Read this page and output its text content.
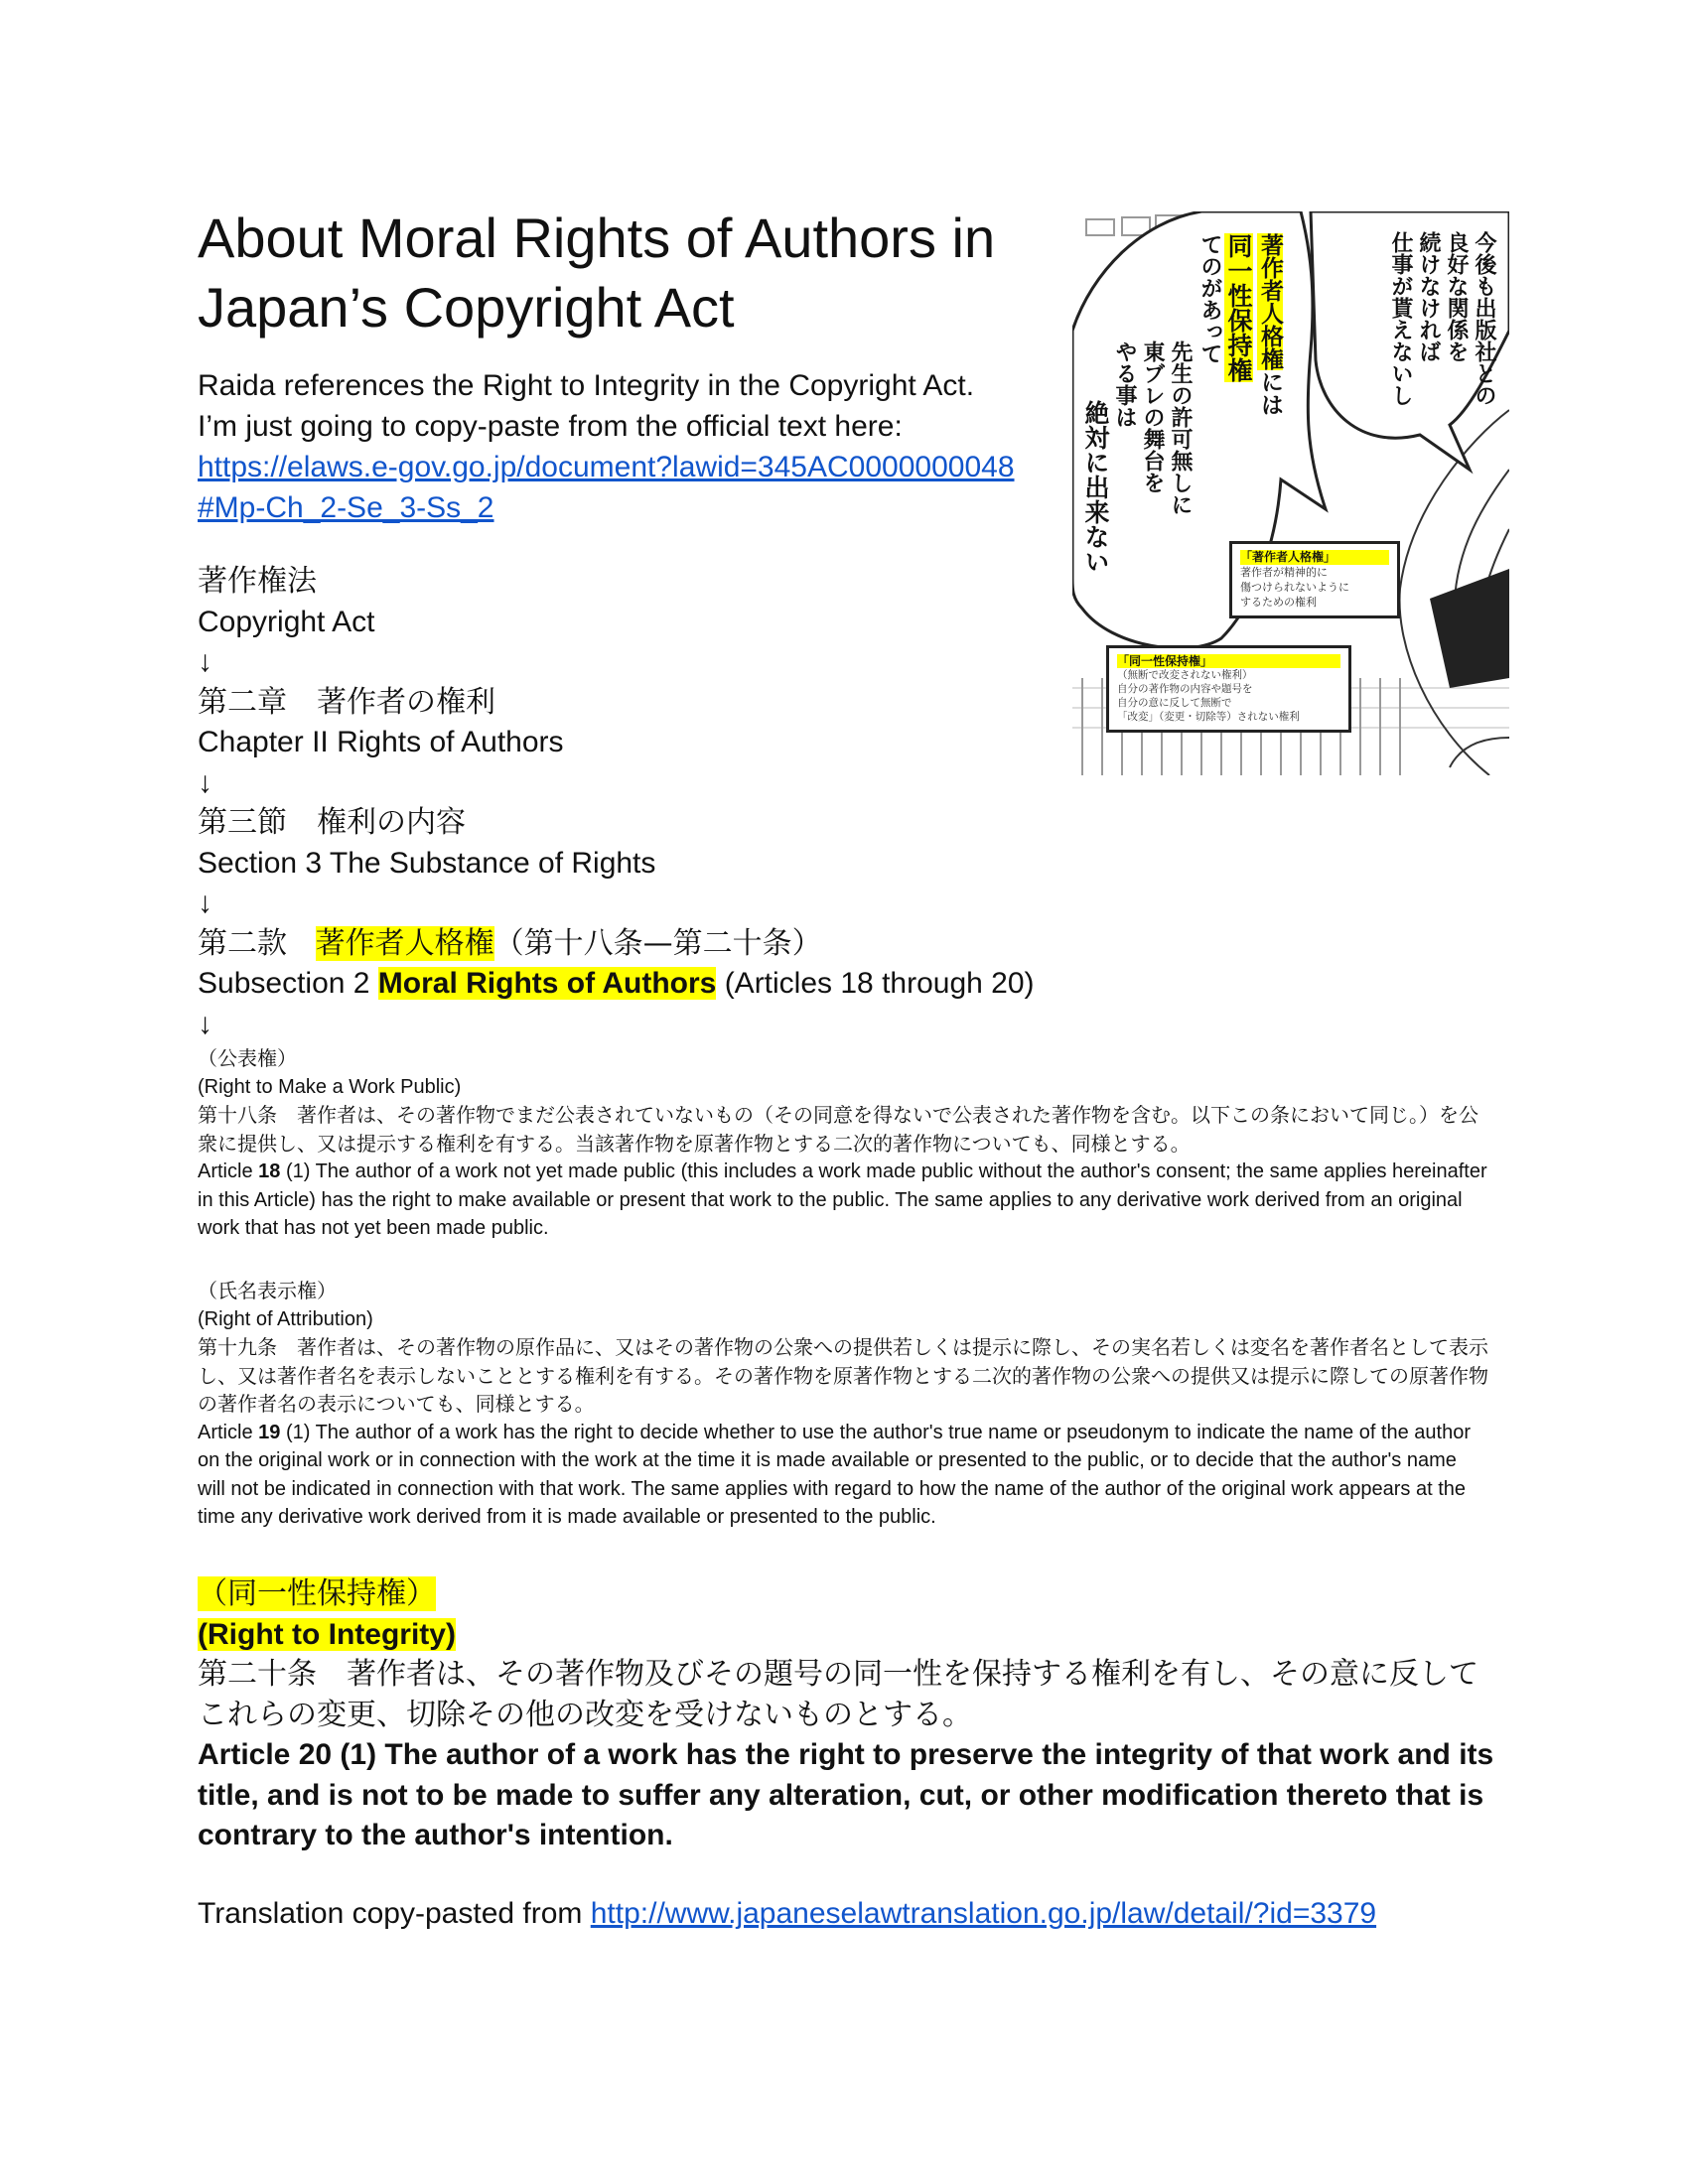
About Moral Rights of Authors in
Japan’s Copyright Act
Raida references the Right to Integrity in the Copyright Act.
I’m just going to copy-paste from the official text here:
https://elaws.e-gov.go.jp/document?lawid=345AC0000000048
#Mp-Ch_2-Se_3-Ss_2
著作権法
Copyright Act
↓
第二章　著作者の権利
Chapter II Rights of Authors
↓
第三節　権利の内容
Section 3 The Substance of Rights
↓
第二款 著作者人格権（第十八条—第二十条）
Subsection 2 Moral Rights of Authors (Articles 18 through 20)
↓
（公表権）
(Right to Make a Work Public)

第十八条　著作者は、その著作物でまだ公表されていないもの（その同意を得ないで公表された著作物を含む。以下この条において同じ。）を公衆に提供し、又は提示する権利を有する。当該著作物を原著作物とする二次的著作物についても、同様とする。

Article 18 (1) The author of a work not yet made public (this includes a work made public without the author's consent; the same applies hereinafter in this Article) has the right to make available or present that work to the public. The same applies to any derivative work derived from an original work that has not yet been made public.

（氏名表示権）
(Right of Attribution)

第十九条　著作者は、その著作物の原作品に、又はその著作物の公衆への提供若しくは提示に際し、その実名若しくは変名を著作者名として表示し、又は著作者名を表示しないこととする権利を有する。その著作物を原著作物とする二次的著作物の公衆への提供又は提示に際しての原著作物の著作者名の表示についても、同様とする。

Article 19 (1) The author of a work has the right to decide whether to use the author's true name or pseudonym to indicate the name of the author on the original work or in connection with the work at the time it is made available or presented to the public, or to decide that the author's name will not be indicated in connection with that work. The same applies with regard to how the name of the author of the original work appears at the time any derivative work derived from it is made available or presented to the public.

（同一性保持権）
(Right to Integrity)

第二十条　著作者は、その著作物及びその題号の同一性を保持する権利を有し、その意に反してこれらの変更、切除その他の改変を受けないものとする。

Article 20 (1) The author of a work has the right to preserve the integrity of that work and its title, and is not to be made to suffer any alteration, cut, or other modification thereto that is contrary to the author's intention.

Translation copy-pasted from http://www.japaneselawtranslation.go.jp/law/detail/?id=3379
今後も出版社との
良好な関係を
続けなければ
仕事が貰えないし
著作者人格権には
同一性保持権
てのがあって
先生の許可無しに
東ブレの舞台を
やる事は
絶対に出来ない	「著作者人格権」
著作者が精神的に
傷つけられないように
するための権利
「同一性保持権」
（無断で改変されない権利）
自分の著作物の内容や題号を
自分の意に反して無断で
「改変」（変更・切除等）されない権利
